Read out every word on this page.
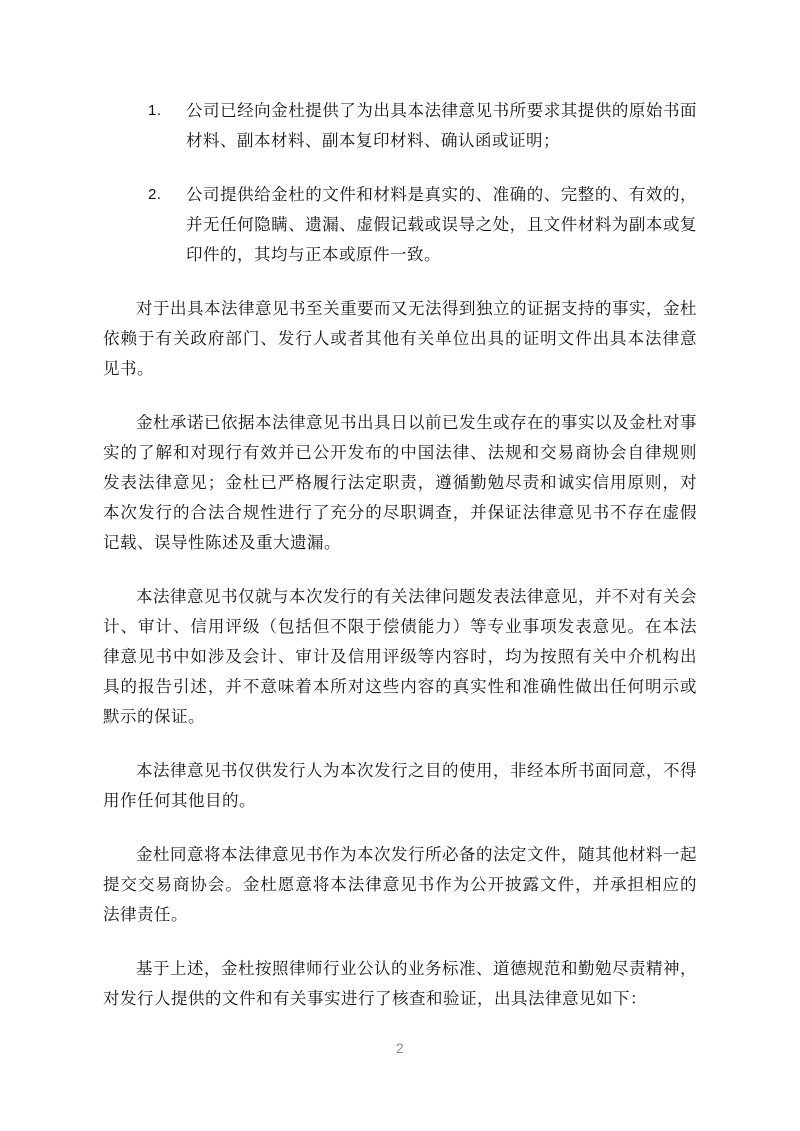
1.	公司已经向金杜提供了为出具本法律意见书所要求其提供的原始书面材料、副本材料、副本复印材料、确认函或证明；
2.	公司提供给金杜的文件和材料是真实的、准确的、完整的、有效的，并无任何隐瞒、遗漏、虚假记载或误导之处，且文件材料为副本或复印件的，其均与正本或原件一致。

对于出具本法律意见书至关重要而又无法得到独立的证据支持的事实，金杜依赖于有关政府部门、发行人或者其他有关单位出具的证明文件出具本法律意见书。

金杜承诺已依据本法律意见书出具日以前已发生或存在的事实以及金杜对事实的了解和对现行有效并已公开发布的中国法律、法规和交易商协会自律规则发表法律意见；金杜已严格履行法定职责，遵循勤勉尽责和诚实信用原则，对本次发行的合法合规性进行了充分的尽职调查，并保证法律意见书不存在虚假记载、误导性陈述及重大遗漏。

本法律意见书仅就与本次发行的有关法律问题发表法律意见，并不对有关会计、审计、信用评级（包括但不限于偿债能力）等专业事项发表意见。在本法律意见书中如涉及会计、审计及信用评级等内容时，均为按照有关中介机构出具的报告引述，并不意味着本所对这些内容的真实性和准确性做出任何明示或默示的保证。

本法律意见书仅供发行人为本次发行之目的使用，非经本所书面同意，不得用作任何其他目的。

金杜同意将本法律意见书作为本次发行所必备的法定文件，随其他材料一起提交交易商协会。金杜愿意将本法律意见书作为公开披露文件，并承担相应的法律责任。

基于上述，金杜按照律师行业公认的业务标准、道德规范和勤勉尽责精神，对发行人提供的文件和有关事实进行了核查和验证，出具法律意见如下：

2
